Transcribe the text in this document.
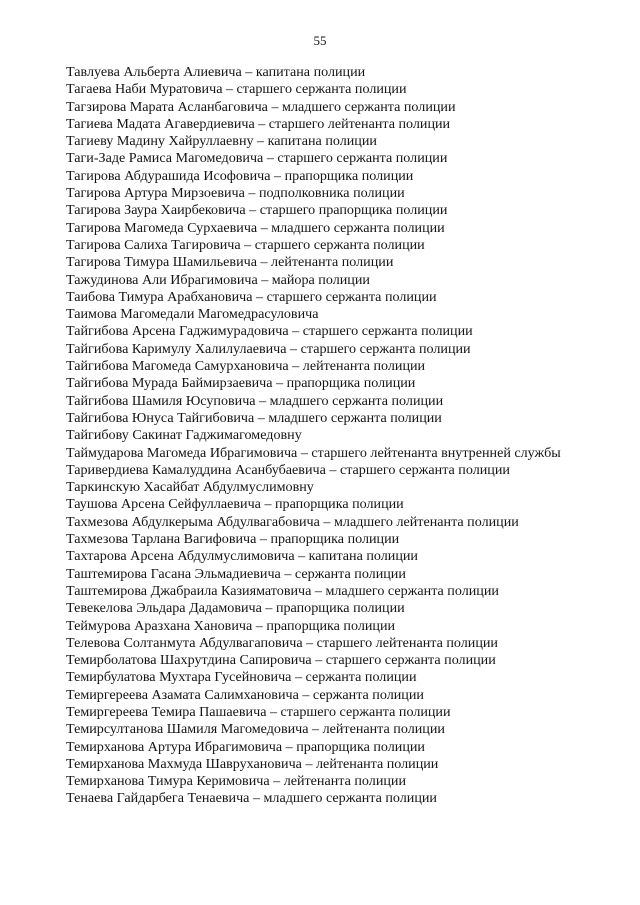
55
Тавлуева Альберта Алиевича – капитана полиции
Тагаева Наби Муратовича – старшего сержанта полиции
Тагзирова Марата Асланбаговича – младшего сержанта полиции
Тагиева Мадата Агавердиевича – старшего лейтенанта полиции
Тагиеву Мадину Хайруллаевну – капитана полиции
Таги-Заде Рамиса Магомедовича – старшего сержанта полиции
Тагирова Абдурашида Исофовича – прапорщика полиции
Тагирова Артура Мирзоевича – подполковника полиции
Тагирова Заура Хаирбековича – старшего прапорщика полиции
Тагирова Магомеда Сурхаевича – младшего сержанта полиции
Тагирова Салиха Тагировича – старшего сержанта полиции
Тагирова Тимура Шамильевича – лейтенанта полиции
Тажудинова Али Ибрагимовича – майора полиции
Таибова Тимура Арабхановича – старшего сержанта полиции
Таимова Магомедали Магомедрасуловича
Тайгибова Арсена Гаджимурадовича – старшего сержанта полиции
Тайгибова Каримулу Халилулаевича – старшего сержанта полиции
Тайгибова Магомеда Самурхановича – лейтенанта полиции
Тайгибова Мурада Баймирзаевича – прапорщика полиции
Тайгибова Шамиля Юсуповича – младшего сержанта полиции
Тайгибова Юнуса Тайгибовича – младшего сержанта полиции
Тайгибову Сакинат Гаджимагомедовну
Таймударова Магомеда Ибрагимовича – старшего лейтенанта внутренней службы
Таривердиева Камалуддина Асанбубаевича – старшего сержанта полиции
Таркинскую Хасайбат Абдулмуслимовну
Таушова Арсена Сейфуллаевича – прапорщика полиции
Тахмезова Абдулкерыма Абдулвагабовича – младшего лейтенанта полиции
Тахмезова Тарлана Вагифовича – прапорщика полиции
Тахтарова Арсена Абдулмуслимовича – капитана полиции
Таштемирова Гасана Эльмадиевича – сержанта полиции
Таштемирова Джабраила Казияматовича – младшего сержанта полиции
Тевекелова Эльдара Дадамовича – прапорщика полиции
Теймурова Аразхана Хановича – прапорщика полиции
Телевова Солтанмута Абдулвагаповича – старшего лейтенанта полиции
Темирболатова Шахрутдина Сапировича – старшего сержанта полиции
Темирбулатова Мухтара Гусейновича – сержанта полиции
Темиргереева Азамата Салимхановича – сержанта полиции
Темиргереева Темира Пашаевича – старшего сержанта полиции
Темирсултанова Шамиля Магомедовича – лейтенанта полиции
Темирханова Артура Ибрагимовича – прапорщика полиции
Темирханова Махмуда Шаврухановича – лейтенанта полиции
Темирханова Тимура Керимовича – лейтенанта полиции
Тенаева Гайдарбега Тенаевича – младшего сержанта полиции
